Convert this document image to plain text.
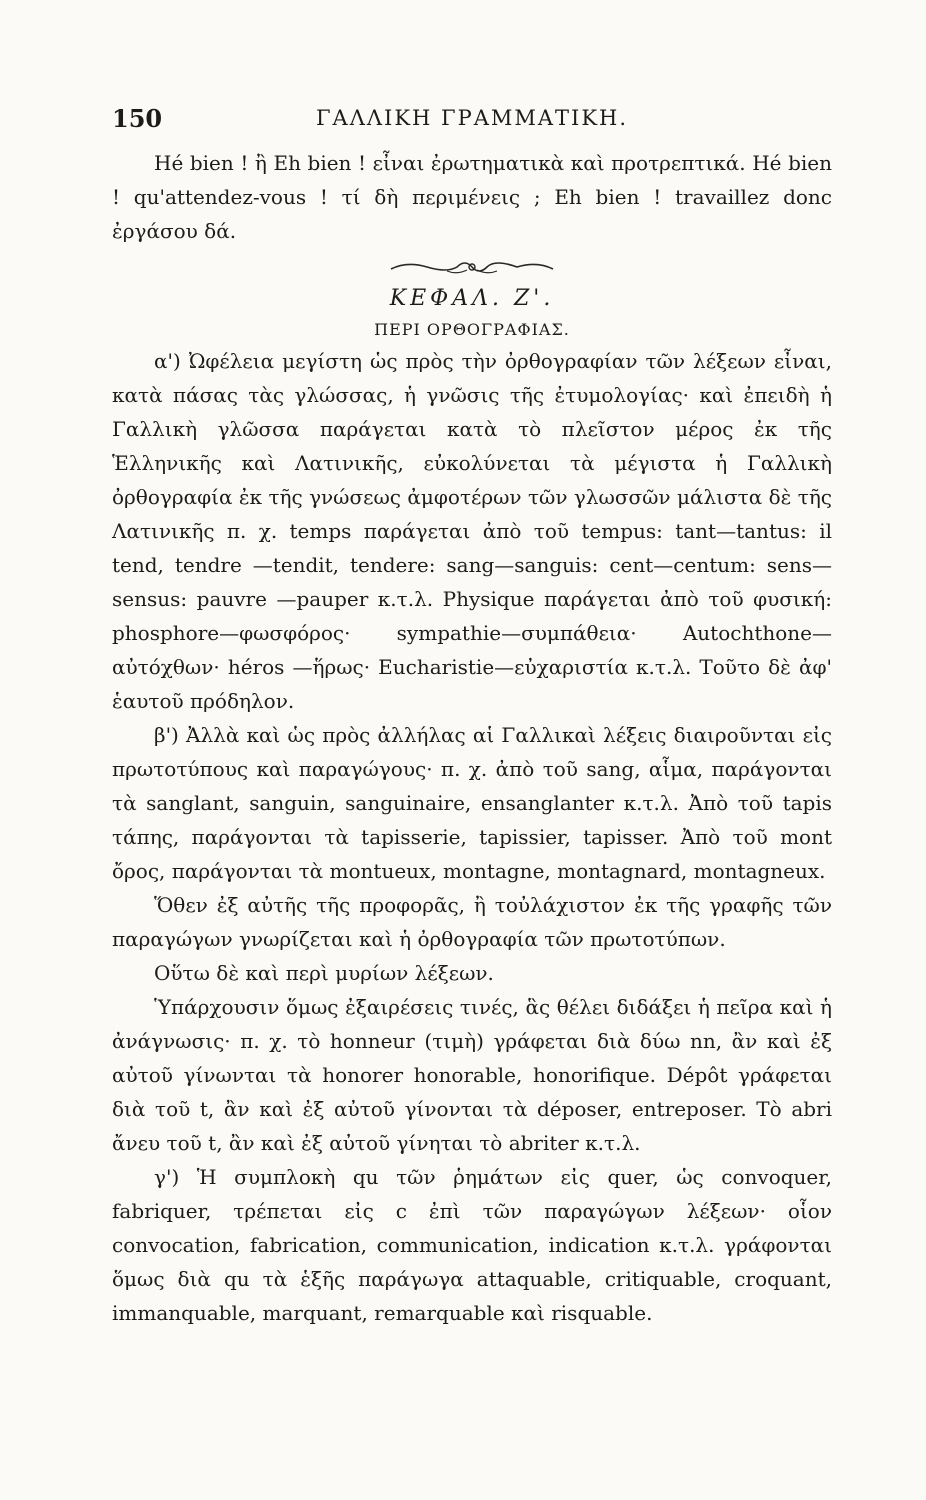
150	ΓΑΛΛΙΚΗ ΓΡΑΜΜΑΤΙΚΗ.

Hé bien ! ἢ Eh bien ! εἶναι ἐρωτηματικὰ καὶ προτρεπτικά. Hé bien ! qu'attendez-vous ! τί δὴ περιμένεις ; Eh bien ! travaillez donc ἐργάσου δά.

ΚΕΦΑΛ. Ζ'.
ΠΕΡΙ ΟΡΘΟΓΡΑΦΙΑΣ.

α') Ὠφέλεια μεγίστη ὡς πρὸς τὴν ὀρθογραφίαν τῶν λέξεων εἶναι, κατὰ πάσας τὰς γλώσσας, ἡ γνῶσις τῆς ἐτυμολογίας· καὶ ἐπειδὴ ἡ Γαλλικὴ γλῶσσα παράγεται κατὰ τὸ πλεῖστον μέρος ἐκ τῆς Ἑλληνικῆς καὶ Λατινικῆς, εὐκολύνεται τὰ μέγιστα ἡ Γαλλικὴ ὀρθογραφία ἐκ τῆς γνώσεως ἀμφοτέρων τῶν γλωσσῶν μάλιστα δὲ τῆς Λατινικῆς π. χ. temps παράγεται ἀπὸ τοῦ tempus: tant—tantus: il tend, tendre —tendit, tendere: sang—sanguis: cent—centum: sens—sensus: pauvre —pauper κ.τ.λ. Physique παράγεται ἀπὸ τοῦ φυσική: phosphore—φωσφόρος· sympathie—συμπάθεια· Autochthone—αὐτόχθων· héros —ἥρως· Eucharistie—εὐχαριστία κ.τ.λ. Τοῦτο δὲ ἀφ' ἑαυτοῦ πρόδηλον.

β') Ἀλλὰ καὶ ὡς πρὸς ἀλλήλας αἱ Γαλλικαὶ λέξεις διαιροῦνται εἰς πρωτοτύπους καὶ παραγώγους· π. χ. ἀπὸ τοῦ sang, αἷμα, παράγονται τὰ sanglant, sanguin, sanguinaire, ensanglanter κ.τ.λ. Ἀπὸ τοῦ tapis τάπης, παράγονται τὰ tapisserie, tapissier, tapisser. Ἀπὸ τοῦ mont ὄρος, παράγονται τὰ montueux, montagne, montagnard, montagneux.

Ὅθεν ἐξ αὐτῆς τῆς προφορᾶς, ἢ τοὐλάχιστον ἐκ τῆς γραφῆς τῶν παραγώγων γνωρίζεται καὶ ἡ ὀρθογραφία τῶν πρωτοτύπων.

Οὕτω δὲ καὶ περὶ μυρίων λέξεων.

Ὑπάρχουσιν ὅμως ἐξαιρέσεις τινές, ἃς θέλει διδάξει ἡ πεῖρα καὶ ἡ ἀνάγνωσις· π. χ. τὸ honneur (τιμὴ) γράφεται διὰ δύω nn, ἂν καὶ ἐξ αὐτοῦ γίνωνται τὰ honorer honorable, honorifique. Dépôt γράφεται διὰ τοῦ t, ἂν καὶ ἐξ αὐτοῦ γίνονται τὰ déposer, entreposer. Τὸ abri ἄνευ τοῦ t, ἂν καὶ ἐξ αὐτοῦ γίνηται τὸ abriter κ.τ.λ.

γ') Ἡ συμπλοκὴ qu τῶν ῥημάτων εἰς quer, ὡς convoquer, fabriquer, τρέπεται εἰς c ἐπὶ τῶν παραγώγων λέξεων· οἷον convocation, fabrication, communication, indication κ.τ.λ. γράφονται ὅμως διὰ qu τὰ ἑξῆς παράγωγα attaquable, critiquable, croquant, immanquable, marquant, remarquable καὶ risquable.
